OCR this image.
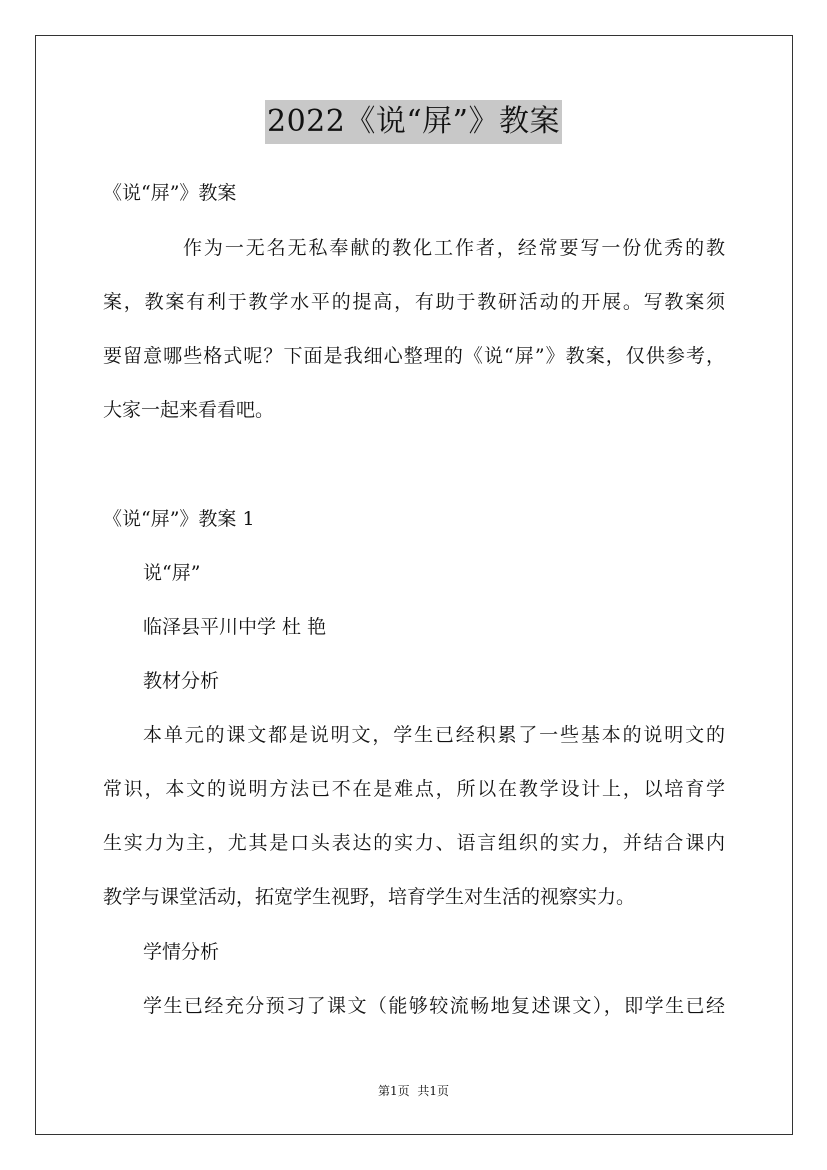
2022《说“屏”》教案
《说“屏”》教案
作为一无名无私奉献的教化工作者，经常要写一份优秀的教
案，教案有利于教学水平的提高，有助于教研活动的开展。写教案须
要留意哪些格式呢？下面是我细心整理的《说“屏”》教案，仅供参考，
大家一起来看看吧。
《说“屏”》教案 1
说“屏”
临泽县平川中学 杜 艳
教材分析
本单元的课文都是说明文，学生已经积累了一些基本的说明文的
常识，本文的说明方法已不在是难点，所以在教学设计上，以培育学
生实力为主，尤其是口头表达的实力、语言组织的实力，并结合课内
教学与课堂活动，拓宽学生视野，培育学生对生活的视察实力。
学情分析
学生已经充分预习了课文（能够较流畅地复述课文），即学生已经
第1页 共1页
